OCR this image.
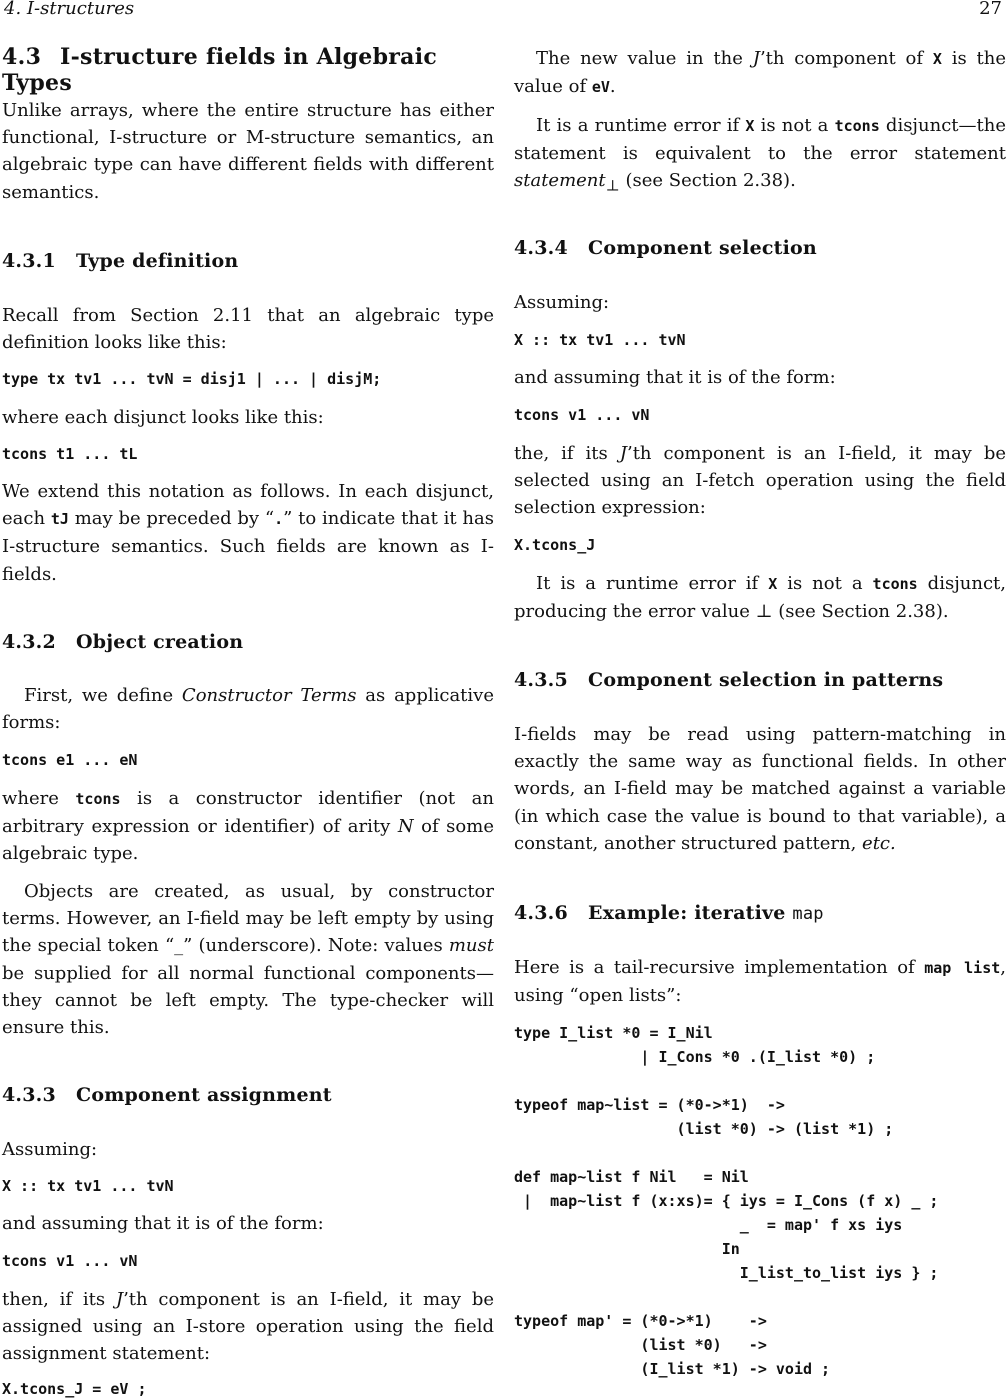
4. I-structures	27
4.3 I-structure fields in Algebraic Types

Unlike arrays, where the entire structure has either functional, I-structure or M-structure semantics, an algebraic type can have different fields with different semantics.

4.3.1 Type definition

Recall from Section 2.11 that an algebraic type definition looks like this:

type tx tv1 ... tvN = disj1 | ... | disjM;

where each disjunct looks like this:

tcons t1 ... tL

We extend this notation as follows. In each disjunct, each tJ may be preceded by “.” to indicate that it has I-structure semantics. Such fields are known as I-fields.

4.3.2 Object creation

First, we define Constructor Terms as applicative forms:

tcons e1 ... eN

where tcons is a constructor identifier (not an arbitrary expression or identifier) of arity N of some algebraic type.

Objects are created, as usual, by constructor terms. However, an I-field may be left empty by using the special token “_” (underscore). Note: values must be supplied for all normal functional components— they cannot be left empty. The type-checker will ensure this.

4.3.3 Component assignment

Assuming:

X :: tx tv1 ... tvN

and assuming that it is of the form:

tcons v1 ... vN

then, if its J’th component is an I-field, it may be assigned using an I-store operation using the field assignment statement:

X.tcons_J = eV ;

The new value in the J’th component of X is the value of eV.

It is a runtime error if X is not a tcons disjunct—the statement is equivalent to the error statement statement$_\perp$ (see Section 2.38).

4.3.4 Component selection

Assuming:

X :: tx tv1 ... tvN

and assuming that it is of the form:

tcons v1 ... vN

the, if its J’th component is an I-field, it may be selected using an I-fetch operation using the field selection expression:

X.tcons_J

It is a runtime error if X is not a tcons disjunct, producing the error value ⊥ (see Section 2.38).

4.3.5 Component selection in patterns

I-fields may be read using pattern-matching in exactly the same way as functional fields. In other words, an I-field may be matched against a variable (in which case the value is bound to that variable), a constant, another structured pattern, etc.

4.3.6 Example: iterative map

Here is a tail-recursive implementation of map list, using “open lists”:

type I_list *0 = I_Nil
| I_Cons *0 .(I_list *0) ;

typeof map~list = (*0->*1)  ->
(list *0) -> (list *1) ;

def map~list f Nil   = Nil
|  map~list f (x:xs)= { iys = I_Cons (f x) _ ;
_  = map' f xs iys
In
I_list_to_list iys } ;

typeof map' = (*0->*1)    ->
(list *0)   ->
(I_list *1) -> void ;
